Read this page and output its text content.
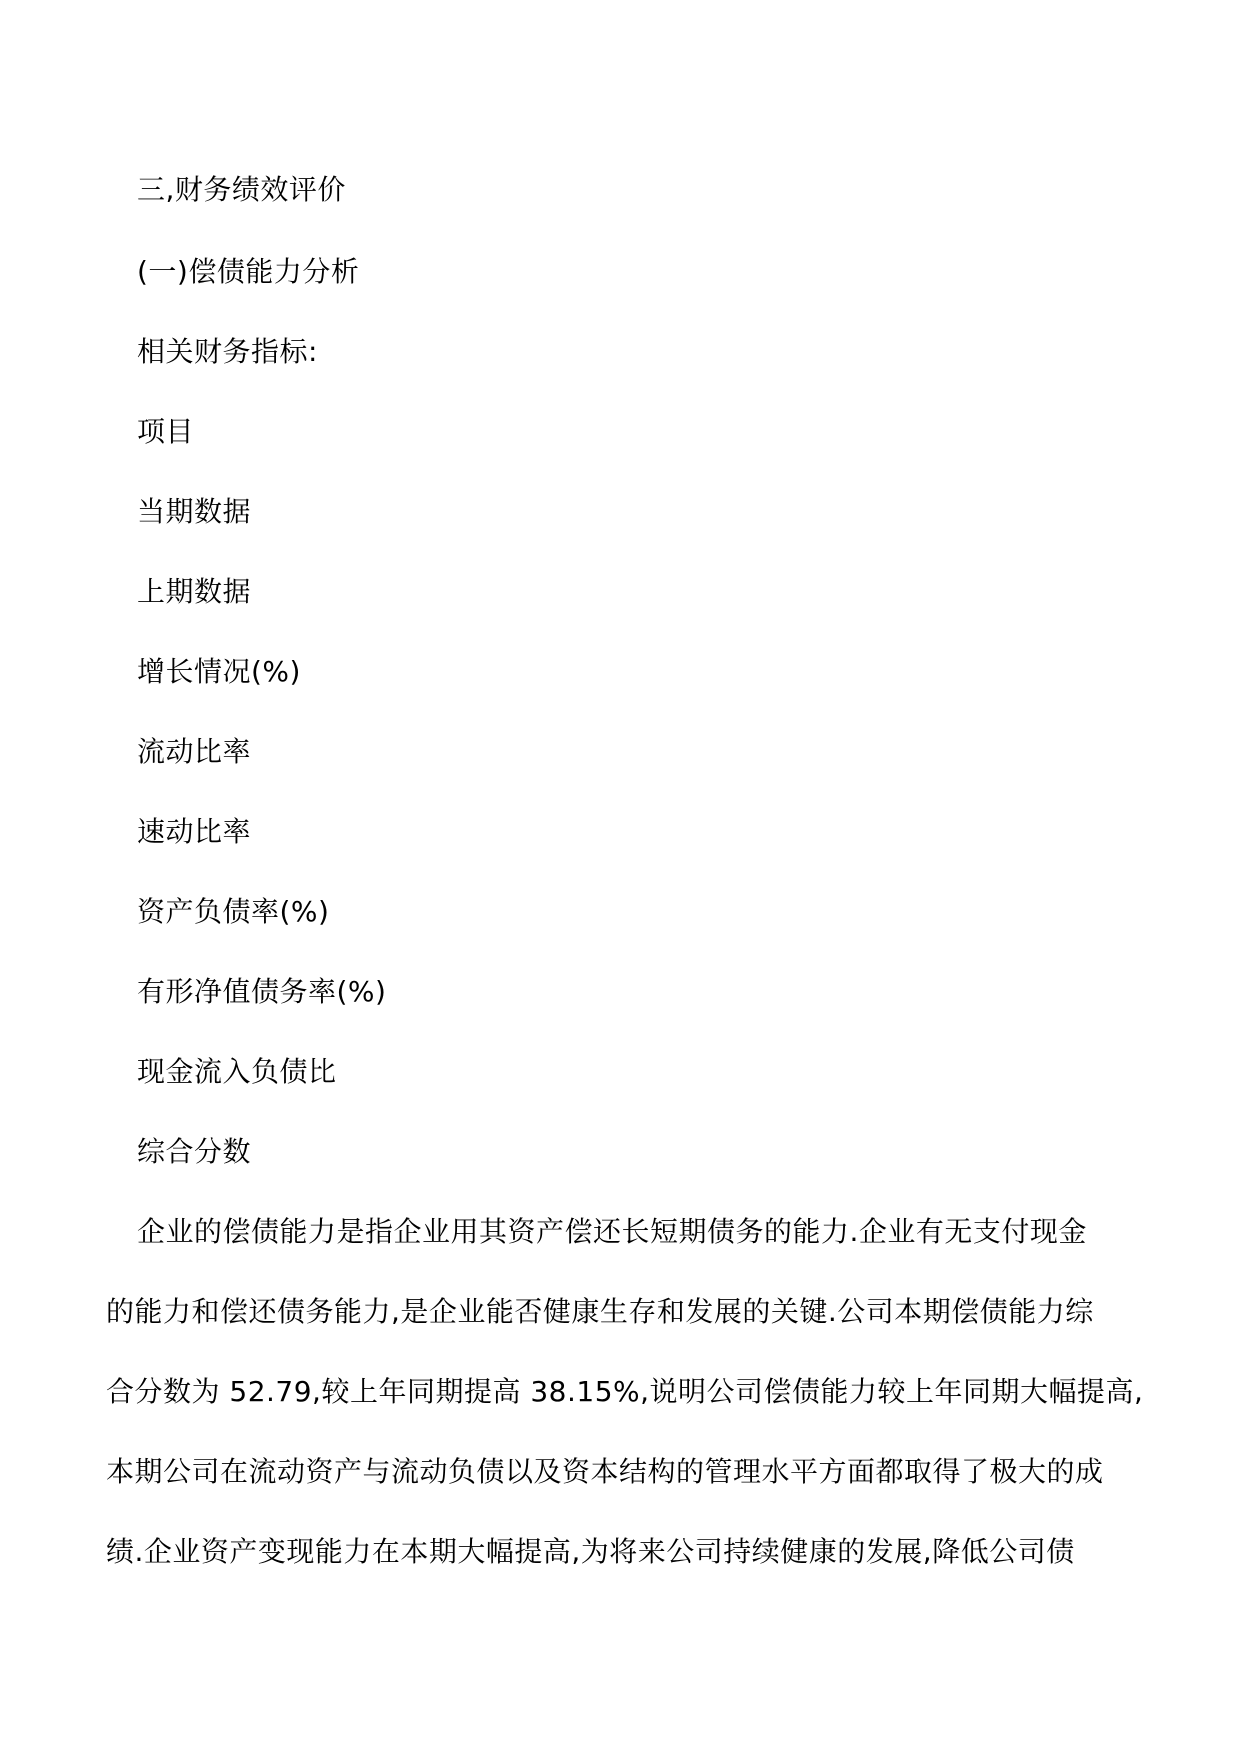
三,财务绩效评价
(一)偿债能力分析
相关财务指标:
项目
当期数据
上期数据
增长情况(%)
流动比率
速动比率
资产负债率(%)
有形净值债务率(%)
现金流入负债比
综合分数
企业的偿债能力是指企业用其资产偿还长短期债务的能力.企业有无支付现金
的能力和偿还债务能力,是企业能否健康生存和发展的关键.公司本期偿债能力综
合分数为 52.79,较上年同期提高 38.15%,说明公司偿债能力较上年同期大幅提高,
本期公司在流动资产与流动负债以及资本结构的管理水平方面都取得了极大的成
绩.企业资产变现能力在本期大幅提高,为将来公司持续健康的发展,降低公司债
